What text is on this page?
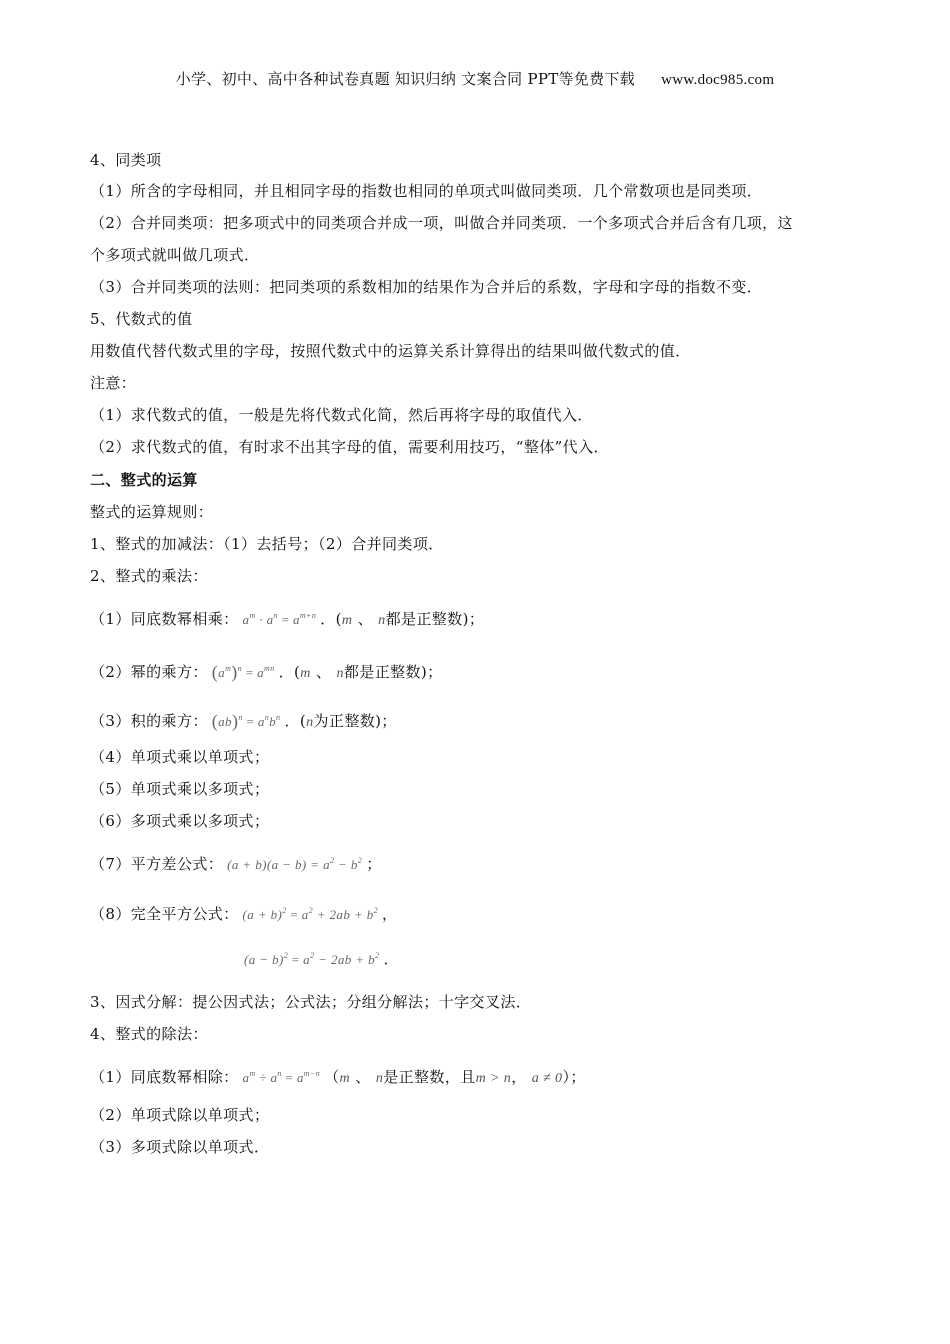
小学、初中、高中各种试卷真题 知识归纳 文案合同 PPT等免费下载 www.doc985.com
4、同类项
（1）所含的字母相同，并且相同字母的指数也相同的单项式叫做同类项．几个常数项也是同类项．
（2）合并同类项：把多项式中的同类项合并成一项，叫做合并同类项．一个多项式合并后含有几项，这
个多项式就叫做几项式．
（3）合并同类项的法则：把同类项的系数相加的结果作为合并后的系数，字母和字母的指数不变．
5、代数式的值
用数值代替代数式里的字母，按照代数式中的运算关系计算得出的结果叫做代数式的值．
注意：
（1）求代数式的值，一般是先将代数式化简，然后再将字母的取值代入．
（2）求代数式的值，有时求不出其字母的值，需要利用技巧，“整体”代入．
二、整式的运算
整式的运算规则：
1、整式的加减法：（1）去括号；（2）合并同类项．
2、整式的乘法：
（1）同底数幂相乘： $a^m \cdot a^n = a^{m+n}$ ．(m 、 n都是正整数)；
（2）幂的乘方： $(a^m)^n = a^{mn}$ ．(m 、 n都是正整数)；
（3）积的乘方： $(ab)^n = a^nb^n$ ．(n为正整数)；
（4）单项式乘以单项式；
（5）单项式乘以多项式；
（6）多项式乘以多项式；
（7）平方差公式： $(a + b)(a - b) = a^2 - b^2$ ；
（8）完全平方公式： $(a + b)^2 = a^2 + 2ab + b^2$ ，
$(a - b)^2 = a^2 - 2ab + b^2$ ．
3、因式分解：提公因式法；公式法；分组分解法；十字交叉法．
4、整式的除法：
（1）同底数幂相除： $a^m \div a^n = a^{m-n}$ （m 、 n是正整数，且m > n， a ≠ 0）；
（2）单项式除以单项式；
（3）多项式除以单项式．
